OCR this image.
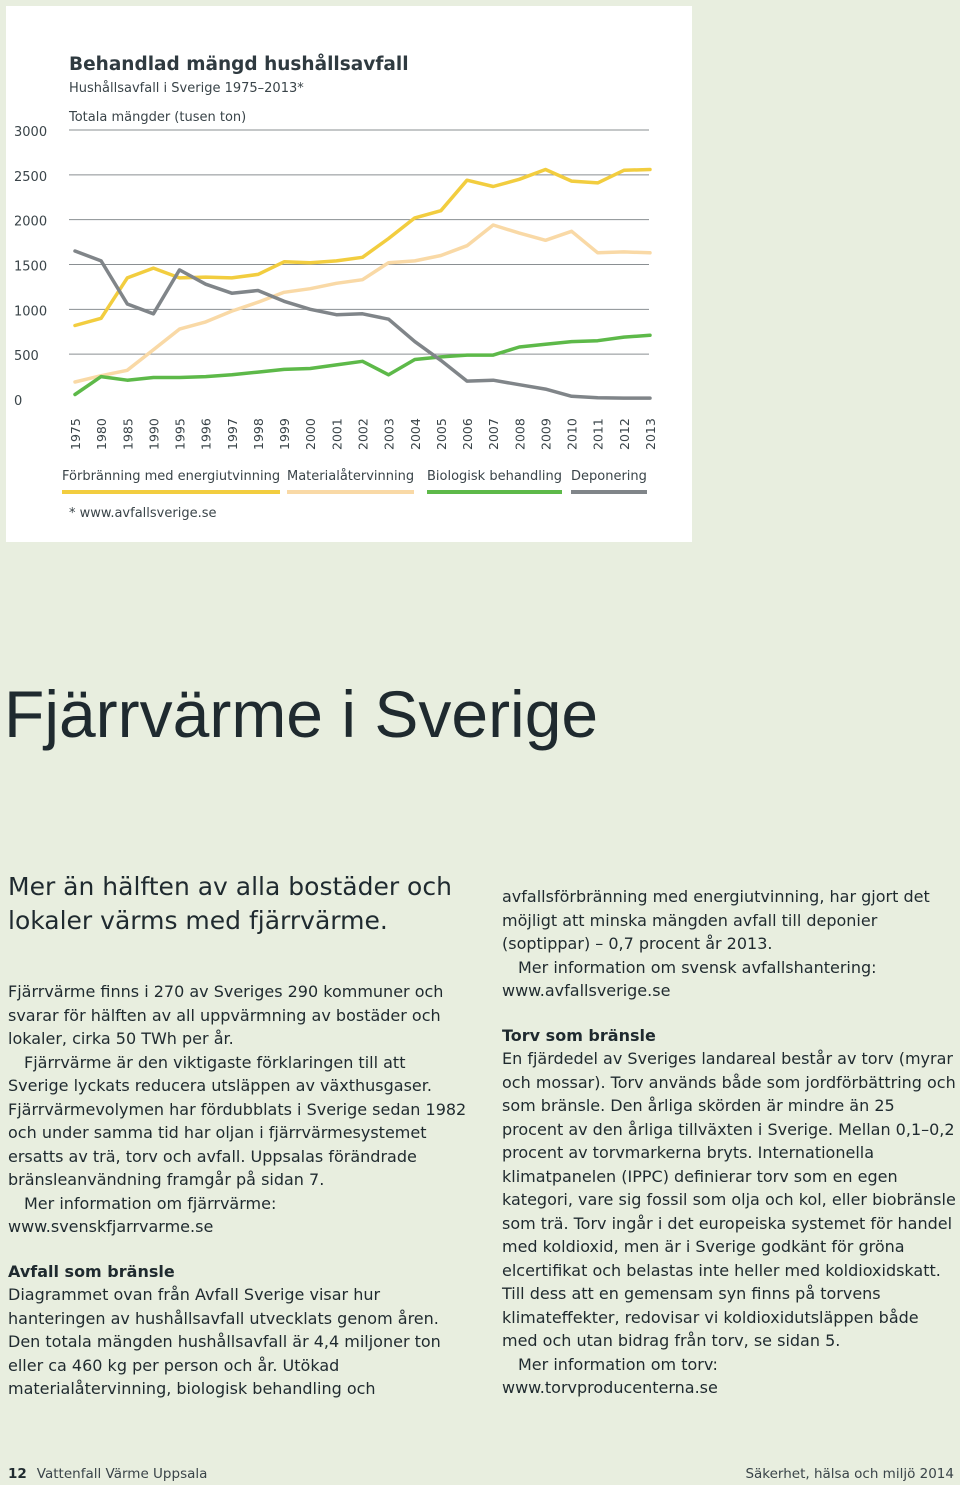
Behandlad mängd hushållsavfall
Hushållsavfall i Sverige 1975–2013*
Totala mängder (tusen ton)
3000
2500
2000
1500
1000
500
0
1975 1980 1985 1990 1995 1996 1997 1998 1999 2000 2001 2002 2003 2004 2005 2006 2007 2008 2009 2010 2011 2012 2013
Förbränning med energiutvinning Materialåtervinning Biologisk behandling Deponering
* www.avfallsverige.se
Fjärrvärme i Sverige
Mer än hälften av alla bostäder och lokaler värms med fjärrvärme.

Fjärrvärme finns i 270 av Sveriges 290 kommuner och svarar för hälften av all uppvärmning av bostäder och lokaler, cirka 50 TWh per år.

Fjärrvärme är den viktigaste förklaringen till att Sverige lyckats reducera utsläppen av växthusgaser. Fjärrvärmevolymen har fördubblats i Sverige sedan 1982 och under samma tid har oljan i fjärrvärmesystemet ersatts av trä, torv och avfall. Uppsalas förändrade bränsleanvändning framgår på sidan 7.

Mer information om fjärrvärme:

www.svenskfjarrvarme.se

Avfall som bränsle

Diagrammet ovan från Avfall Sverige visar hur hanteringen av hushållsavfall utvecklats genom åren. Den totala mängden hushållsavfall är 4,4 miljoner ton eller ca 460 kg per person och år. Utökad materialåtervinning, biologisk behandling och

avfallsförbränning med energiutvinning, har gjort det möjligt att minska mängden avfall till deponier (soptippar) – 0,7 procent år 2013.

Mer information om svensk avfallshantering:

www.avfallsverige.se

Torv som bränsle

En fjärdedel av Sveriges landareal består av torv (myrar och mossar). Torv används både som jordförbättring och som bränsle. Den årliga skörden är mindre än 25 procent av den årliga tillväxten i Sverige. Mellan 0,1–0,2 procent av torvmarkerna bryts. Internationella klimatpanelen (IPPC) definierar torv som en egen kategori, vare sig fossil som olja och kol, eller biobränsle som trä. Torv ingår i det europeiska systemet för handel med koldioxid, men är i Sverige godkänt för gröna elcertifikat och belastas inte heller med koldioxidskatt. Till dess att en gemensam syn finns på torvens klimateffekter, redovisar vi koldioxidutsläppen både med och utan bidrag från torv, se sidan 5.

Mer information om torv:

www.torvproducenterna.se

12 Vattenfall Värme Uppsala	Säkerhet, hälsa och miljö 2014
